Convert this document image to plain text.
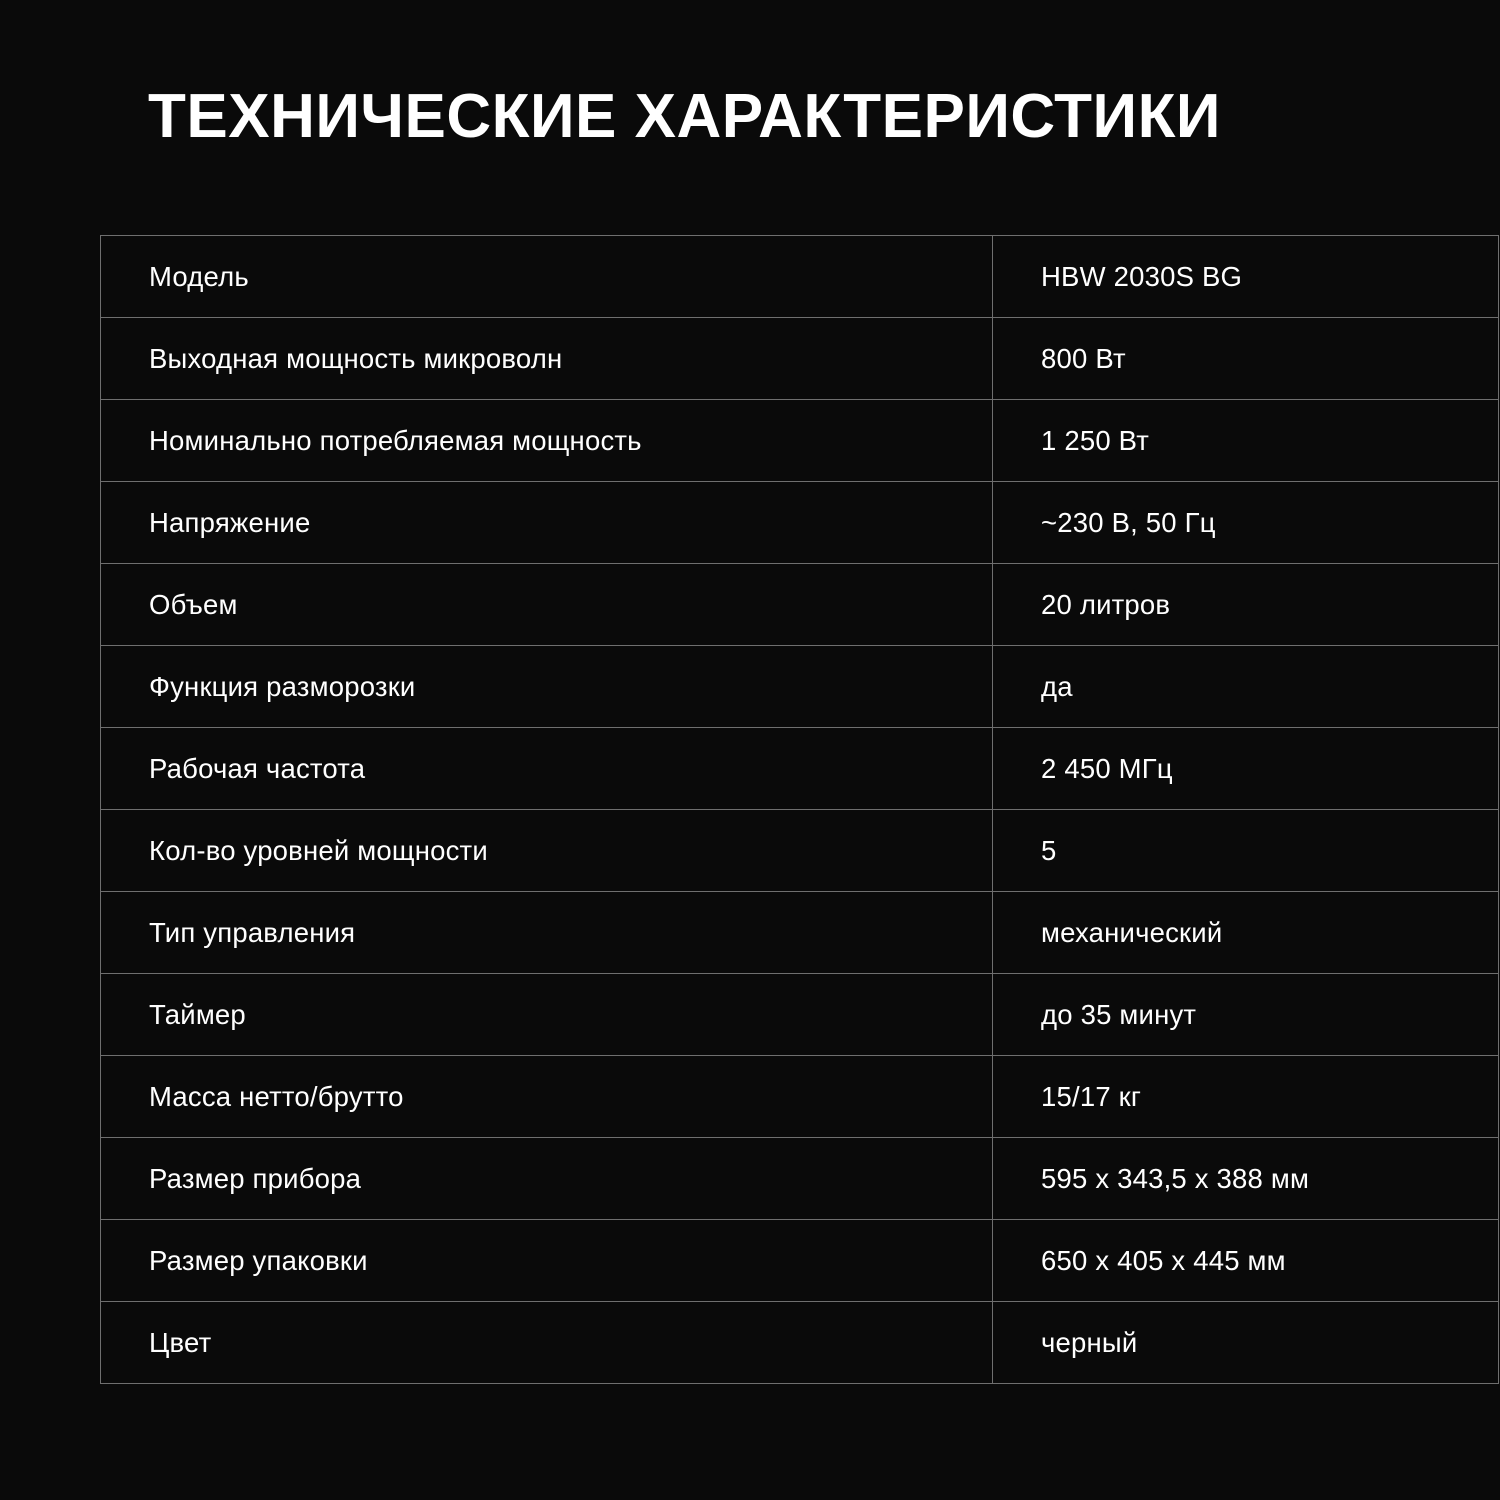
ТЕХНИЧЕСКИЕ ХАРАКТЕРИСТИКИ
Модель	HBW 2030S BG
Выходная мощность микроволн	800 Вт
Номинально потребляемая мощность	1 250 Вт
Напряжение	~230 В, 50 Гц
Объем	20 литров
Функция разморозки	да
Рабочая частота	2 450 МГц
Кол-во уровней мощности	5
Тип управления	механический
Таймер	до 35 минут
Масса нетто/брутто	15/17 кг
Размер прибора	595 x 343,5 x 388 мм
Размер упаковки	650 x 405 x 445 мм
Цвет	черный
